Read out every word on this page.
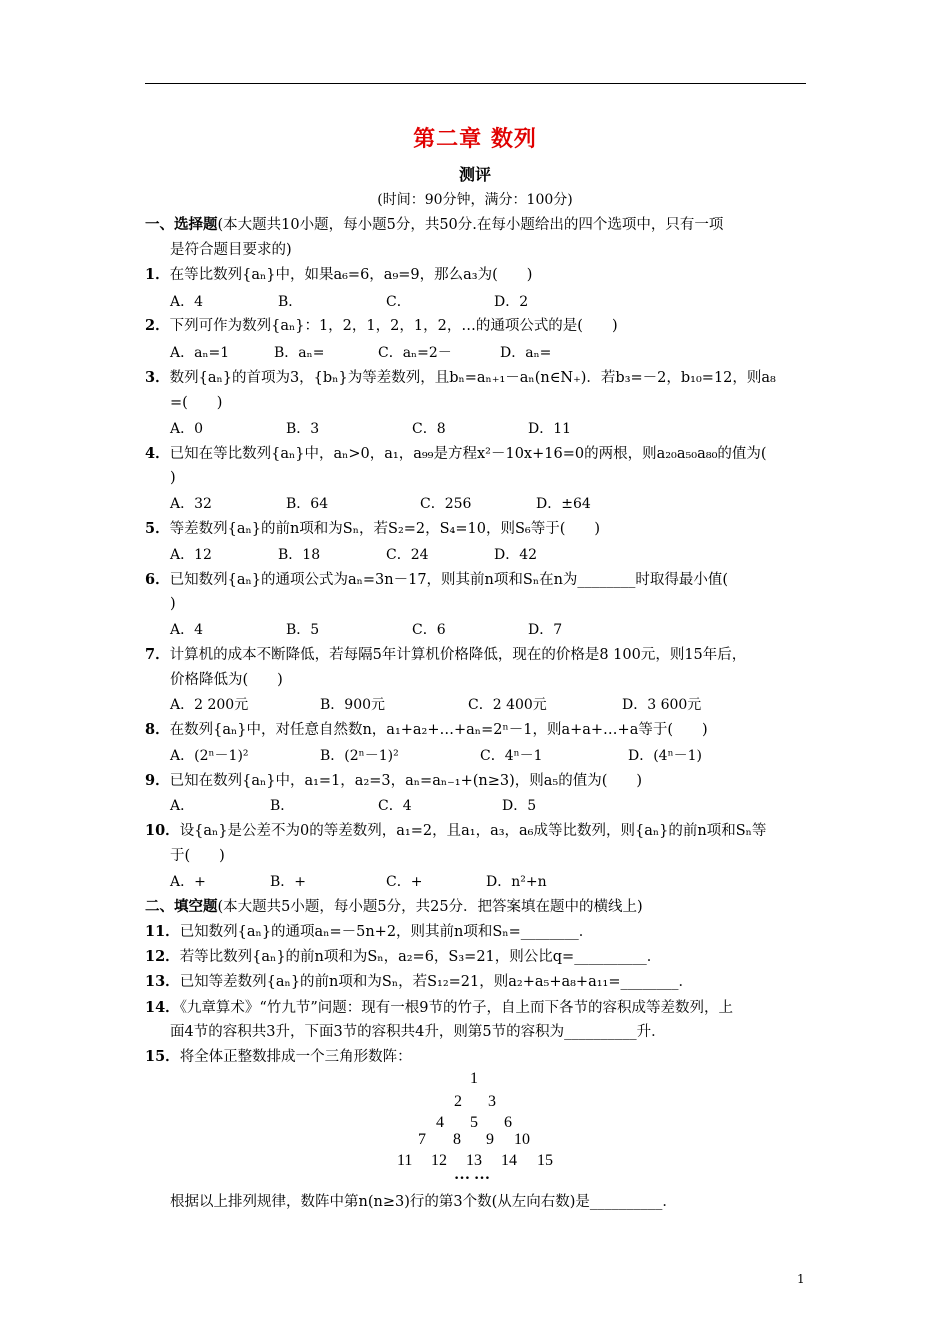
第二章 数列
测评
(时间：90分钟，满分：100分)
一、选择题(本大题共10小题，每小题5分，共50分.在每小题给出的四个选项中，只有一项
是符合题目要求的)
1．在等比数列{aₙ}中，如果a₆=6，a₉=9，那么a₃为(　　)
A．4	B．	C．	D．2
2．下列可作为数列{aₙ}：1，2，1，2，1，2，…的通项公式的是(　　)
A．aₙ=1	B．aₙ=	C．aₙ=2－	D．aₙ=
3．数列{aₙ}的首项为3，{bₙ}为等差数列，且bₙ=aₙ₊₁－aₙ(n∈N₊)．若b₃=－2，b₁₀=12，则a₈
=(　　)
A．0	B．3	C．8	D．11
4．已知在等比数列{aₙ}中，aₙ>0，a₁，a₉₉是方程x²－10x+16=0的两根，则a₂₀a₅₀a₈₀的值为(
)
A．32	B．64	C．256	D．±64
5．等差数列{aₙ}的前n项和为Sₙ，若S₂=2，S₄=10，则S₆等于(　　)
A．12	B．18	C．24	D．42
6．已知数列{aₙ}的通项公式为aₙ=3n－17，则其前n项和Sₙ在n为________时取得最小值(
)
A．4	B．5	C．6	D．7
7．计算机的成本不断降低，若每隔5年计算机价格降低，现在的价格是8 100元，则15年后，
价格降低为(　　)
A．2 200元	B．900元	C．2 400元	D．3 600元
8．在数列{aₙ}中，对任意自然数n，a₁+a₂+…+aₙ=2ⁿ－1，则a+a+…+a等于(　　)
A．(2ⁿ－1)²	B．(2ⁿ－1)²	C．4ⁿ－1	D．(4ⁿ－1)
9．已知在数列{aₙ}中，a₁=1，a₂=3，aₙ=aₙ₋₁+(n≥3)，则a₅的值为(　　)
A．	B．	C．4	D．5
10．设{aₙ}是公差不为0的等差数列，a₁=2，且a₁，a₃，a₆成等比数列，则{aₙ}的前n项和Sₙ等
于(　　)
A．+	B．+	C．+	D．n²+n
二、填空题(本大题共5小题，每小题5分，共25分．把答案填在题中的横线上)
11．已知数列{aₙ}的通项aₙ=－5n+2，则其前n项和Sₙ=________．
12．若等比数列{aₙ}的前n项和为Sₙ，a₂=6，S₃=21，则公比q=__________．
13．已知等差数列{aₙ}的前n项和为Sₙ，若S₁₂=21，则a₂+a₅+a₈+a₁₁=________．
14．《九章算术》“竹九节”问题：现有一根9节的竹子，自上而下各节的容积成等差数列，上
面4节的容积共3升，下面3节的容积共4升，则第5节的容积为__________升．
15．将全体正整数排成一个三角形数阵：
1
2 3
4 5 6
7 8 9 10
11 12 13 14 15
… …
根据以上排列规律，数阵中第n(n≥3)行的第3个数(从左向右数)是__________．
1
